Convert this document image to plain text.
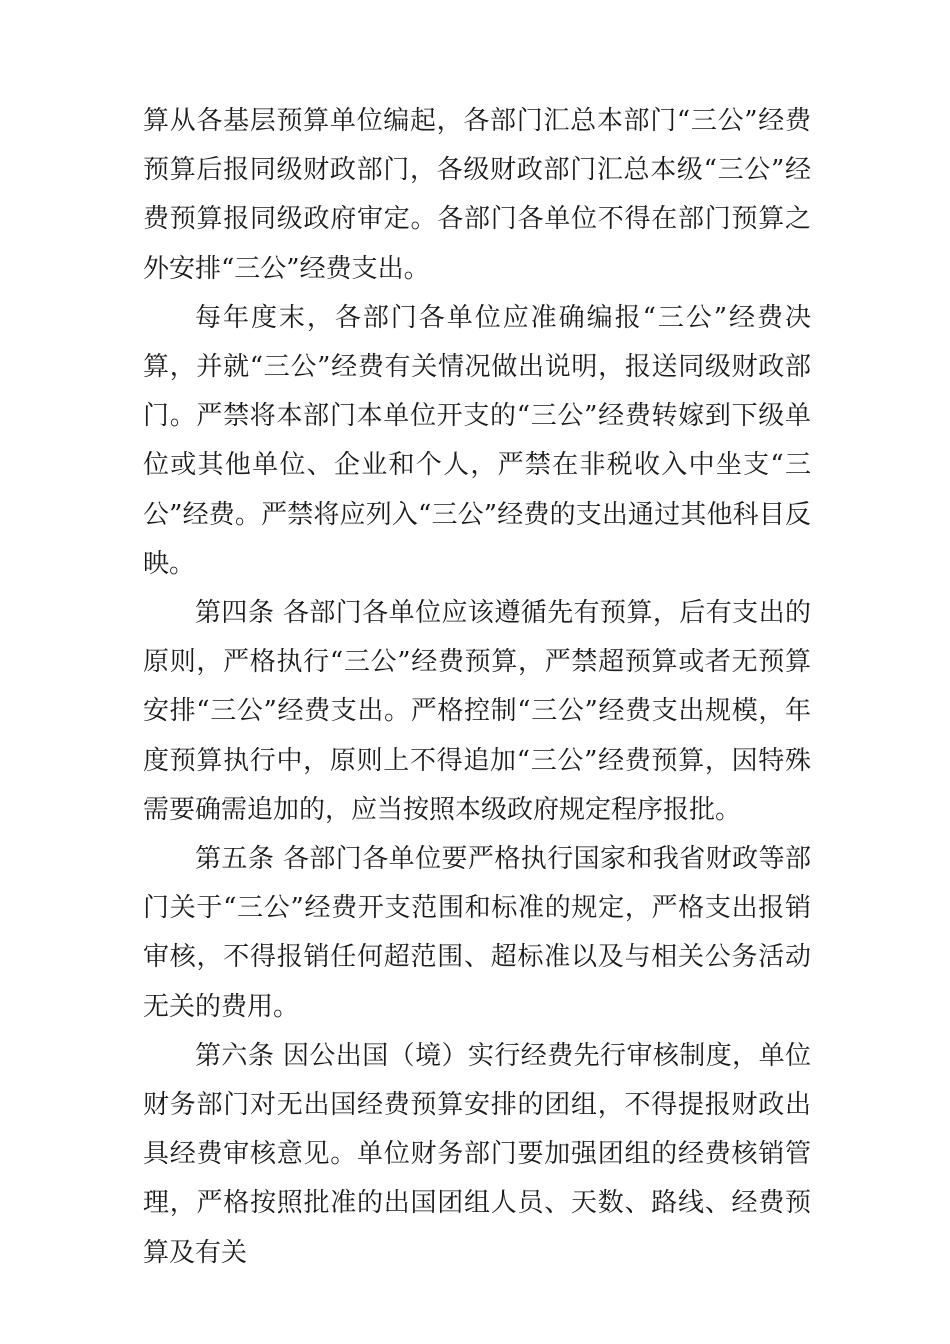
算从各基层预算单位编起，各部门汇总本部门“三公”经费预算后报同级财政部门，各级财政部门汇总本级“三公”经费预算报同级政府审定。各部门各单位不得在部门预算之外安排“三公”经费支出。

每年度末，各部门各单位应准确编报“三公”经费决算，并就“三公”经费有关情况做出说明，报送同级财政部门。严禁将本部门本单位开支的“三公”经费转嫁到下级单位或其他单位、企业和个人，严禁在非税收入中坐支“三公”经费。严禁将应列入“三公”经费的支出通过其他科目反映。

第四条 各部门各单位应该遵循先有预算，后有支出的原则，严格执行“三公”经费预算，严禁超预算或者无预算安排“三公”经费支出。严格控制“三公”经费支出规模，年度预算执行中，原则上不得追加“三公”经费预算，因特殊需要确需追加的，应当按照本级政府规定程序报批。

第五条 各部门各单位要严格执行国家和我省财政等部门关于“三公”经费开支范围和标准的规定，严格支出报销审核，不得报销任何超范围、超标准以及与相关公务活动无关的费用。

第六条 因公出国（境）实行经费先行审核制度，单位财务部门对无出国经费预算安排的团组，不得提报财政出具经费审核意见。单位财务部门要加强团组的经费核销管理，严格按照批准的出国团组人员、天数、路线、经费预算及有关
